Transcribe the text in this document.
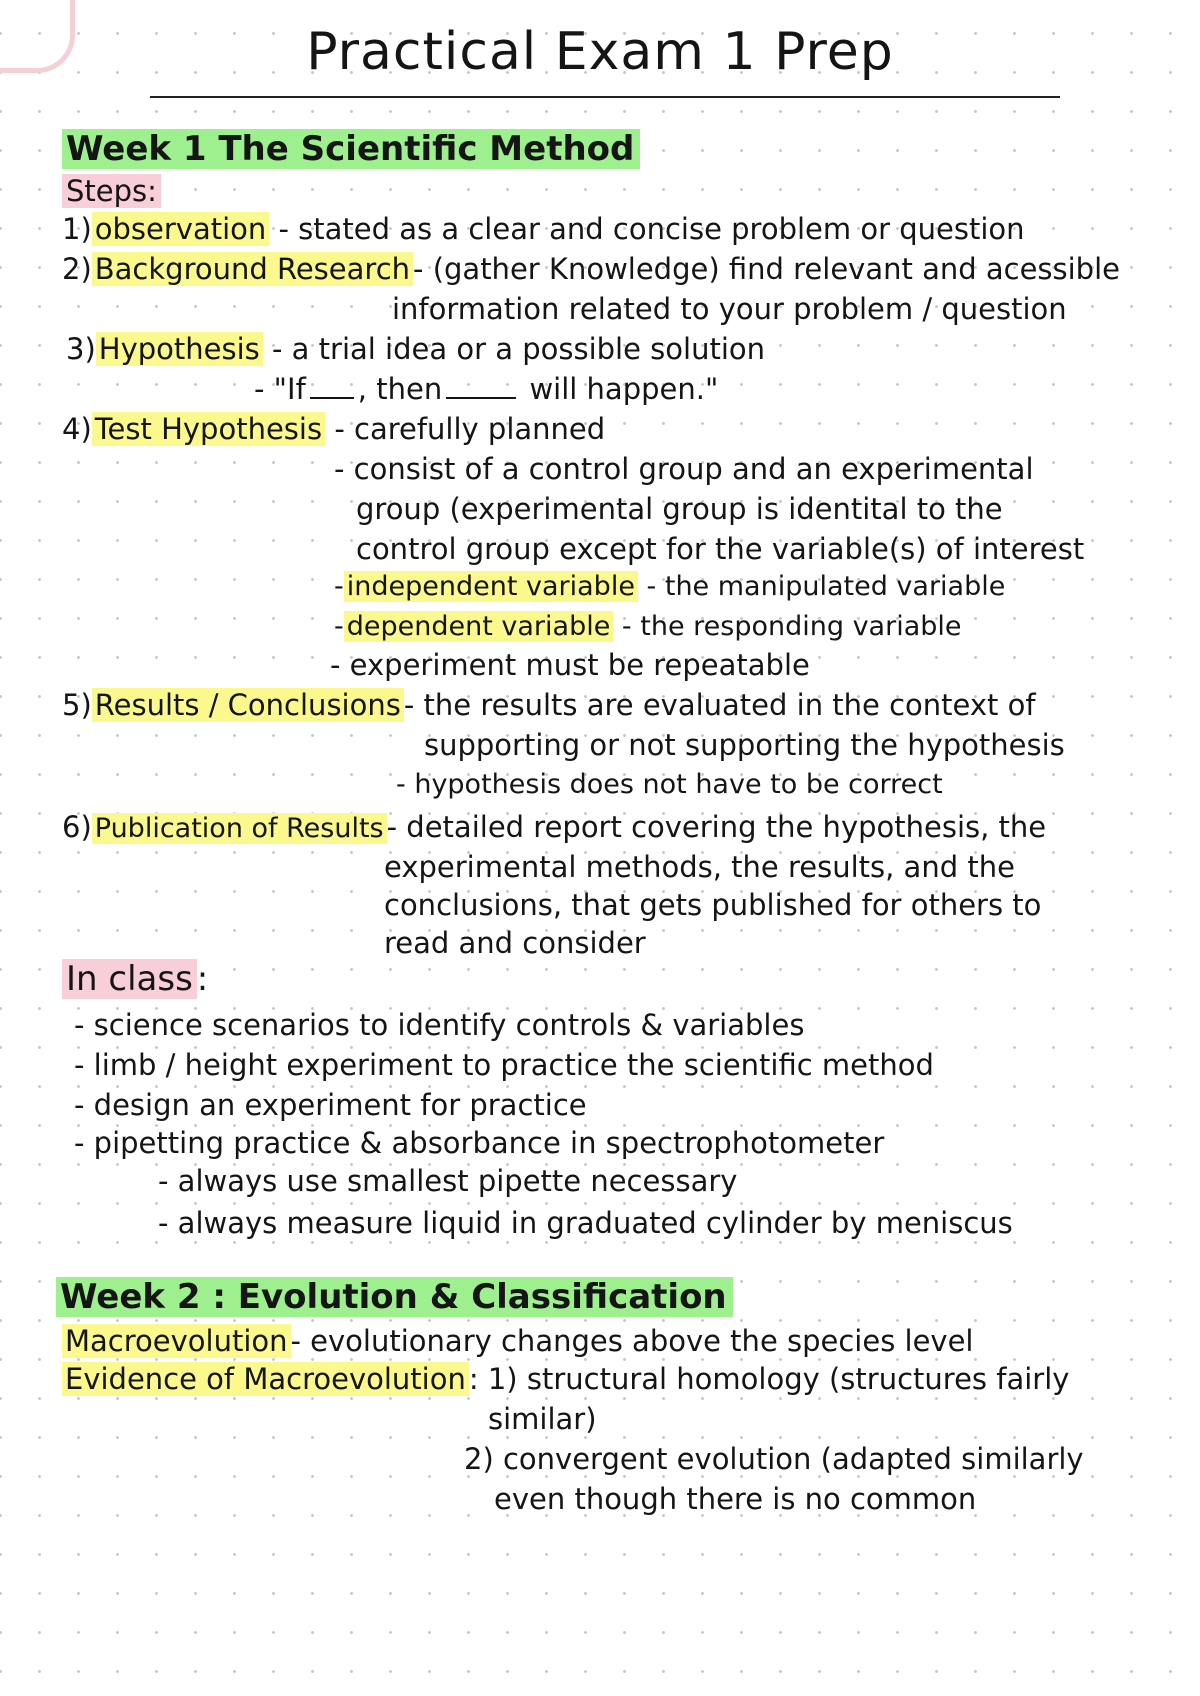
Practical Exam 1 Prep
Week 1 The Scientific Method
Steps:
1) observation - stated as a clear and concise problem or question
2) Background Research - (gather Knowledge) find relevant and acessible
information related to your problem / question
3) Hypothesis - a trial idea or a possible solution
- "If , then	will happen."
4) Test Hypothesis - carefully planned
- consist of a control group and an experimental
group (experimental group is identital to the
control group except for the variable(s) of interest
- independent variable - the manipulated variable
- dependent variable - the responding variable
- experiment must be repeatable
5) Results / Conclusions - the results are evaluated in the context of
supporting or not supporting the hypothesis
- hypothesis does not have to be correct
6) Publication of Results - detailed report covering the hypothesis, the
experimental methods, the results, and the
conclusions, that gets published for others to
read and consider
In class :
- science scenarios to identify controls & variables
- limb / height experiment to practice the scientific method
- design an experiment for practice
- pipetting practice & absorbance in spectrophotometer
- always use smallest pipette necessary
- always measure liquid in graduated cylinder by meniscus
Week 2 : Evolution & Classification
Macroevolution - evolutionary changes above the species level
Evidence of Macroevolution : 1) structural homology (structures fairly
similar)
2) convergent evolution (adapted similarly
even though there is no common
